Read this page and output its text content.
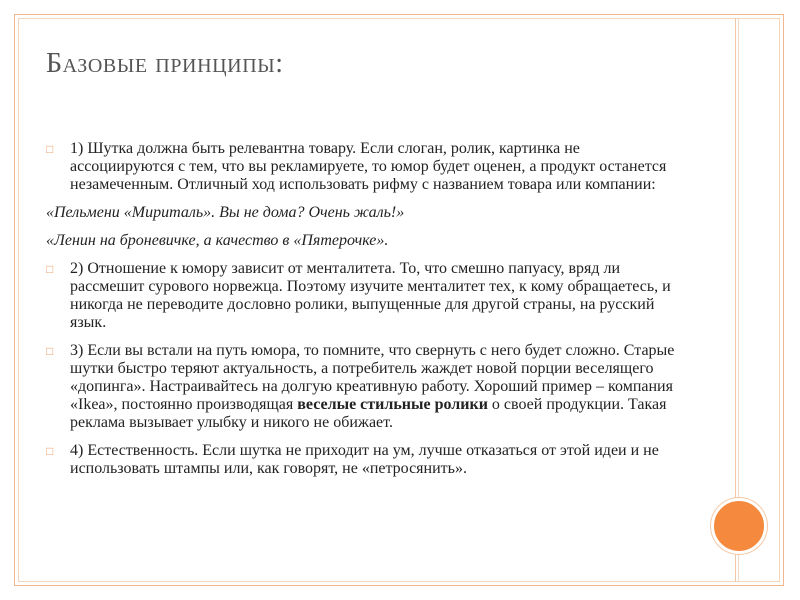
Базовые принципы:
□ 1) Шутка должна быть релевантна товару. Если слоган, ролик, картинка не ассоциируются с тем, что вы рекламируете, то юмор будет оценен, а продукт останется незамеченным. Отличный ход использовать рифму с названием товара или компании:
«Пельмени «Мириталь». Вы не дома? Очень жаль!»
«Ленин на броневичке, а качество в «Пятерочке».
□ 2) Отношение к юмору зависит от менталитета. То, что смешно папуасу, вряд ли рассмешит сурового норвежца. Поэтому изучите менталитет тех, к кому обращаетесь, и никогда не переводите дословно ролики, выпущенные для другой страны, на русский язык.
□ 3) Если вы встали на путь юмора, то помните, что свернуть с него будет сложно. Старые шутки быстро теряют актуальность, а потребитель жаждет новой порции веселящего «допинга». Настраивайтесь на долгую креативную работу. Хороший пример – компания «Ikea», постоянно производящая веселые стильные ролики о своей продукции. Такая реклама вызывает улыбку и никого не обижает.
□ 4) Естественность. Если шутка не приходит на ум, лучше отказаться от этой идеи и не использовать штампы или, как говорят, не «петросянить».
